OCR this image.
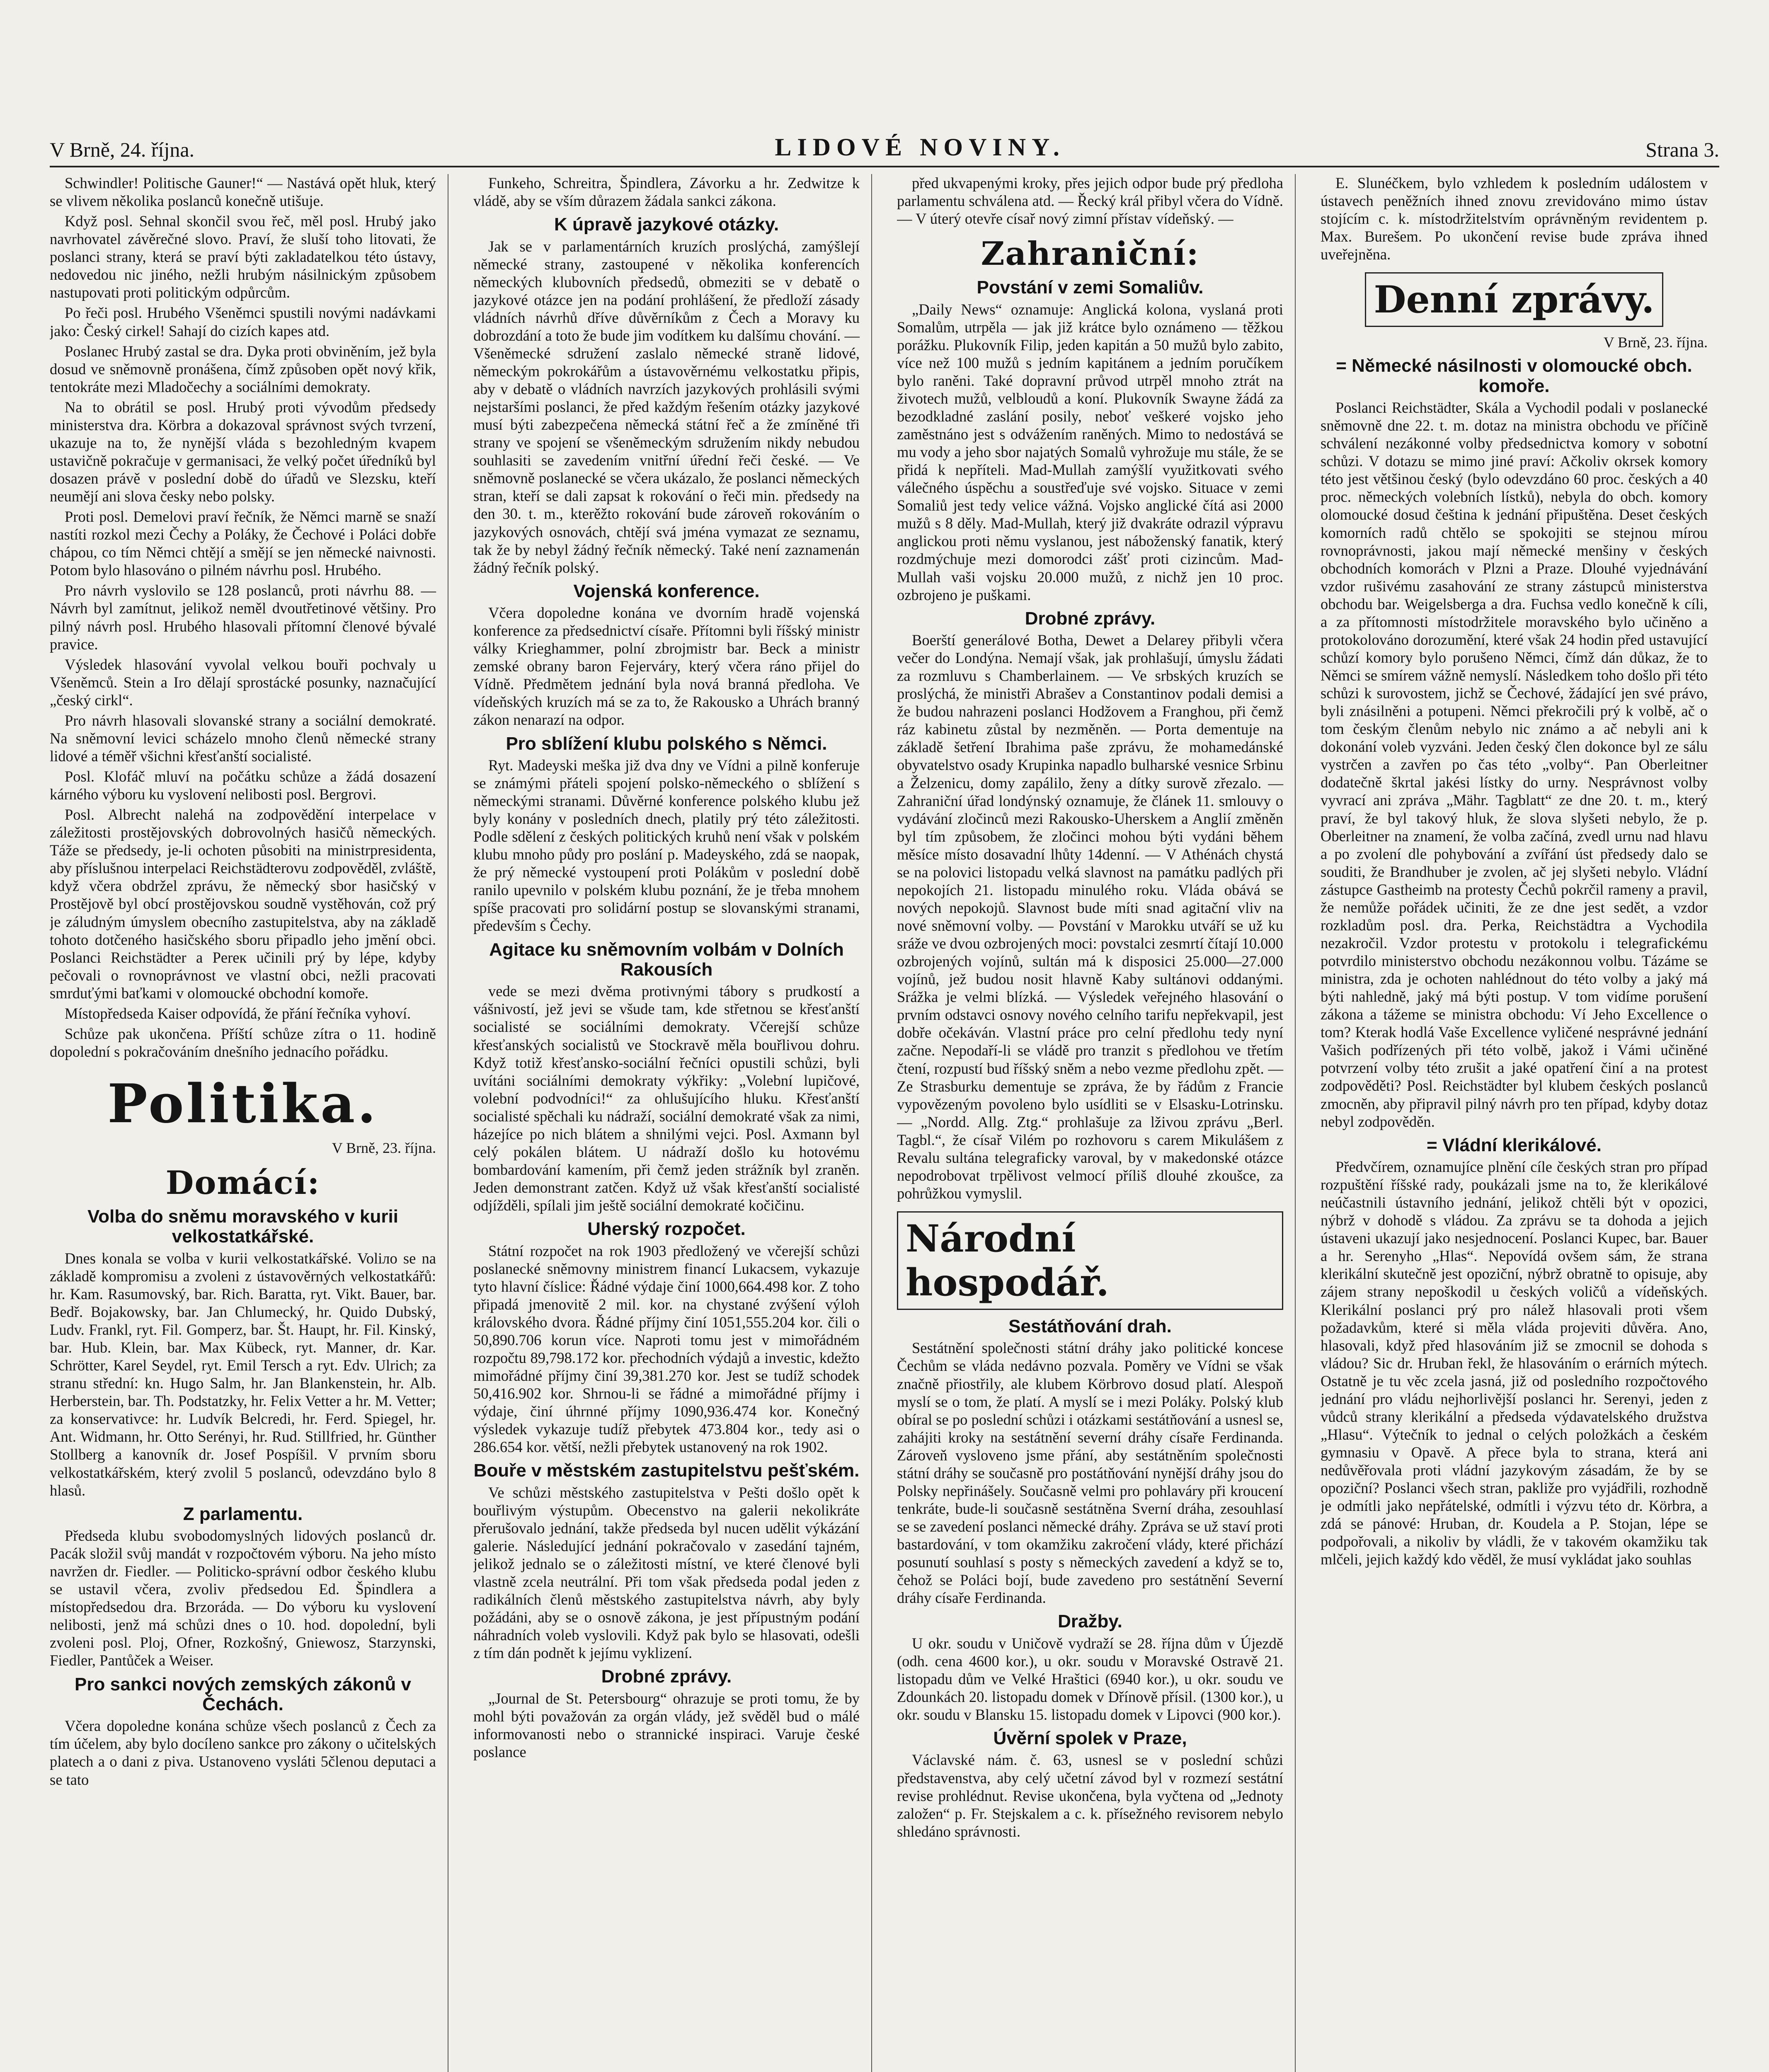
V Brně, 24. října.	LIDOVÉ NOVINY.	Strana 3.

Schwindler! Politische Gauner!“ — Nastává opět hluk, který se vlivem několika poslanců konečně utišuje.

Když posl. Sehnal skončil svou řeč, měl posl. Hrubý jako navrhovatel závěrečné slovo. Praví, že sluší toho litovati, že poslanci strany, která se praví býti zakladatelkou této ústavy, nedovedou nic jiného, nežli hrubým násilnickým způsobem nastupovati proti politickým odpůrcům.

Po řeči posl. Hrubého Všeněmci spustili novými nadávkami jako: Český cirkel! Sahají do cizích kapes atd.

Poslanec Hrubý zastal se dra. Dyka proti obviněním, jež byla dosud ve sněmovně pronášena, čímž způsoben opět nový křik, tentokráte mezi Mladočechy a sociálními demokraty.

Na to obrátil se posl. Hrubý proti vývodům předsedy ministerstva dra. Körbra a dokazoval správnost svých tvrzení, ukazuje na to, že nynější vláda s bezohledným kvapem ustavičně pokračuje v germanisaci, že velký počet úředníků byl dosazen právě v poslední době do úřadů ve Slezsku, kteří neumějí ani slova česky nebo polsky.

Proti posl. Demelovi praví řečník, že Němci marně se snaží nastíti rozkol mezi Čechy a Poláky, že Čechové i Poláci dobře chápou, co tím Němci chtějí a smějí se jen německé naivnosti. Potom bylo hlasováno o pilném návrhu posl. Hrubého.

Pro návrh vyslovilo se 128 poslanců, proti návrhu 88. — Návrh byl zamítnut, jelikož neměl dvoutřetinové většiny. Pro pilný návrh posl. Hrubého hlasovali přítomní členové bývalé pravice.

Výsledek hlasování vyvolal velkou bouři pochvaly u Všeněmců. Stein a Iro dělají sprostácké posunky, naznačující „český cirkl“.

Pro návrh hlasovali slovanské strany a sociální demokraté. Na sněmovní levici scházelo mnoho členů německé strany lidové a téměř všichni křesťanští socialisté.

Posl. Klofáč mluví na počátku schůze a žádá dosazení kárného výboru ku vyslovení nelibosti posl. Bergrovi.

Posl. Albrecht nalehá na zodpovědění interpelace v záležitosti prostějovských dobrovolných hasičů německých. Táže se předsedy, je-li ochoten působiti na ministrpresidenta, aby příslušnou interpelaci Reichstädterovu zodpověděl, zvláště, když včera obdržel zprávu, že německý sbor hasičský v Prostějově byl obcí prostějovskou soudně vystěhován, což prý je záludným úmyslem obecního zastupitelstva, aby na základě tohoto dotčeného hasičského sboru připadlo jeho jmění obci. Poslanci Reichstädter a Pereк učinili prý by lépe, kdyby pečovali o rovnoprávnost ve vlastní obci, nežli pracovati smrduťými baťkami v olomoucké obchodní komoře.

Místopředseda Kaiser odpovídá, že přání řečníka vyhoví.

Schůze pak ukončena. Příští schůze zítra o 11. hodině dopolední s pokračováním dnešního jednacího pořádku.

Politika.
V Brně, 23. října.
Domácí:
Volba do sněmu moravského v kurii velkostatkářské.

Dnes konala se volba v kurii velkostatkářské. Voliло se na základě kompromisu a zvoleni z ústavověrných velkostatkářů: hr. Kam. Rasumovský, bar. Rich. Baratta, ryt. Vikt. Bauer, bar. Bedř. Bojakowsky, bar. Jan Chlumecký, hr. Quido Dubský, Ludv. Frankl, ryt. Fil. Gomperz, bar. Št. Haupt, hr. Fil. Kinský, bar. Hub. Klein, bar. Max Kübeck, ryt. Manner, dr. Kar. Schrötter, Karel Seydel, ryt. Emil Tersch a ryt. Edv. Ulrich; za stranu střední: kn. Hugo Salm, hr. Jan Blankenstein, hr. Alb. Herberstein, bar. Th. Podstatzky, hr. Felix Vetter a hr. M. Vetter; za konservativce: hr. Ludvík Belcredi, hr. Ferd. Spiegel, hr. Ant. Widmann, hr. Otto Serényi, hr. Rud. Stillfried, hr. Günther Stollberg a kanovník dr. Josef Pospíšil. V prvním sboru velkostatkářském, který zvolil 5 poslanců, odevzdáno bylo 8 hlasů.

Z parlamentu.

Předseda klubu svobodomyslných lidových poslanců dr. Pacák složil svůj mandát v rozpočtovém výboru. Na jeho místo navržen dr. Fiedler. — Politicko-správní odbor českého klubu se ustavil včera, zvoliv předsedou Ed. Špindlera a místopředsedou dra. Brzoráda. — Do výboru ku vyslovení nelibosti, jenž má schůzi dnes o 10. hod. dopolední, byli zvoleni posl. Ploj, Ofner, Rozkošný, Gniewosz, Starzynski, Fiedler, Pantůček a Weiser.

Pro sankci nových zemských zákonů v Čechách.

Včera dopoledne konána schůze všech poslanců z Čech za tím účelem, aby bylo docíleno sankce pro zákony o učitelských platech a o dani z piva. Ustanoveno vysláti 5členou deputaci a se tato

Funkeho, Schreitra, Špindlera, Závorku a hr. Zedwitze k vládě, aby se vším důrazem žádala sankci zákona.

K úpravě jazykové otázky.

Jak se v parlamentárních kruzích proslýchá, zamýšlejí německé strany, zastoupené v několika konferencích německých klubovních předsedů, obmeziti se v debatě o jazykové otázce jen na podání prohlášení, že předloží zásady vládních návrhů dříve důvěrníkům z Čech a Moravy ku dobrozdání a toto že bude jim vodítkem ku dalšímu chování. — Všeněmecké sdružení zaslalo německé straně lidové, německým pokrokářům a ústavověrnému velkostatku připis, aby v debatě o vládních navrzích jazykových prohlásili svými nejstaršími poslanci, že před každým řešením otázky jazykové musí býti zabezpečena německá státní řeč a že zmíněné tři strany ve spojení se všeněmeckým sdružením nikdy nebudou souhlasiti se zavedením vnitřní úřední řeči české. — Ve sněmovně poslanecké se včera ukázalo, že poslanci německých stran, kteří se dali zapsat k rokování o řeči min. předsedy na den 30. t. m., kterěžto rokování bude zároveň rokováním o jazykových osnovách, chtějí svá jména vymazat ze seznamu, tak že by nebyl žádný řečník německý. Také není zaznamenán žádný řečník polský.

Vojenská konference.

Včera dopoledne konána ve dvorním hradě vojenská konference za předsednictví císaře. Přítomni byli říšský ministr války Krieghammer, polní zbrojmistr bar. Beck a ministr zemské obrany baron Fejerváry, který včera ráno přijel do Vídně. Předmětem jednání byla nová branná předloha. Ve vídeňských kruzích má se za to, že Rakousko a Uhrách branný zákon nenarazí na odpor.

Pro sblížení klubu polského s Němci.

Ryt. Madeyski meška již dva dny ve Vídni a pilně konferuje se známými přáteli spojení polsko-německého o sblížení s německými stranami. Důvěrné konference polského klubu jež byly konány v posledních dnech, platily prý této záležitosti. Podle sdělení z českých politických kruhů není však v polském klubu mnoho půdy pro poslání p. Madeyského, zdá se naopak, že prý německé vystoupení proti Polákům v poslední době ranilo upevnilo v polském klubu poznání, že je třeba mnohem spíše pracovati pro solidární postup se slovanskými stranami, především s Čechy.

Agitace ku sněmovním volbám v Dolních Rakousích

vede se mezi dvěma protivnými tábory s prudkostí a vášnivostí, jež jevi se všude tam, kde střetnou se křesťanští socialisté se sociálními demokraty. Včerejší schůze křesťanských socialistů ve Stockravě měla bouřlivou dohru. Když totiž křesťansko-sociální řečníci opustili schůzi, byli uvítáni sociálními demokraty výkřiky: „Volební lupičové, volební podvodníci!“ za ohlušujícího hluku. Křesťanští socialisté spěchali ku nádraží, sociální demokraté však za nimi, házejíce po nich blátem a shnilými vejci. Posl. Axmann byl celý pokálen blátem. U nádraží došlo ku hotovému bombardování kamením, při čemž jeden strážník byl zraněn. Jeden demonstrant zatčen. Když už však křesťanští socialisté odjížděli, spílali jim ještě sociální demokraté kočičinu.

Uherský rozpočet.

Státní rozpočet na rok 1903 předložený ve včerejší schůzi poslanecké sněmovny ministrem financí Lukacsem, vykazuje tyto hlavní číslice: Řádné výdaje činí 1000,664.498 kor. Z toho připadá jmenovitě 2 mil. kor. na chystané zvýšení výloh královského dvora. Řádné příjmy činí 1051,555.204 kor. čili o 50,890.706 korun více. Naproti tomu jest v mimořádném rozpočtu 89,798.172 kor. přechodních výdajů a investic, kdežto mimořádné příjmy činí 39,381.270 kor. Jest se tudíž schodek 50,416.902 kor. Shrnou-li se řádné a mimořádné příjmy i výdaje, činí úhrnné příjmy 1090,936.474 kor. Konečný výsledek vykazuje tudíž přebytek 473.804 kor., tedy asi o 286.654 kor. větší, nežli přebytek ustanovený na rok 1902.

Bouře v městském zastupitelstvu pešťském.

Ve schůzi městského zastupitelstva v Pešti došlo opět k bouřlivým výstupům. Obecenstvo na galerii nekolikráte přerušovalo jednání, takže předseda byl nucen udělit výkázání galerie. Následující jednání pokračovalo v zasedání tajném, jelikož jednalo se o záležitosti místní, ve které členové byli vlastně zcela neutrální. Při tom však předseda podal jeden z radikálních členů městského zastupitelstva návrh, aby byly požádáni, aby se o osnově zákona, je jest přípustným podání náhradních voleb vyslovili. Když pak bylo se hlasovati, odešli z tím dán podnět k jejímu vyklizení.

Drobné zprávy.

„Journal de St. Petersbourg“ ohrazuje se proti tomu, že by mohl býti považován za orgán vlády, jež svěděl bud o málé informovanosti nebo o strannické inspiraci. Varuje české poslance

před ukvapenými kroky, přes jejich odpor bude prý předloha parlamentu schválena atd. — Řecký král přibyl včera do Vídně. — V úterý otevře císař nový zimní přístav vídeňský. —

Zahraniční:
Povstání v zemi Somaliův.

„Daily News“ oznamuje: Anglická kolona, vyslaná proti Somalům, utrpěla — jak již krátce bylo oznámeno — těžkou porážku. Plukovník Filip, jeden kapitán a 50 mužů bylo zabito, více než 100 mužů s jedním kapitánem a jedním poručíkem bylo raněni. Také dopravní průvod utrpěl mnoho ztrát na životech mužů, velbloudů a koní. Plukovník Swayne žádá za bezodkladné zaslání posily, neboť veškeré vojsko jeho zaměstnáno jest s odvážením raněných. Mimo to nedostává se mu vody a jeho sbor najatých Somalů vyhrožuje mu stále, že se přidá k nepříteli. Mad-Mullah zamýšlí využitkovati svého válečného úspěchu a soustřeďuje své vojsko. Situace v zemi Somaliů jest tedy velice vážná. Vojsko anglické čítá asi 2000 mužů s 8 děly. Mad-Mullah, který již dvakráte odrazil výpravu anglickou proti němu vyslanou, jest náboženský fanatik, který rozdmýchuje mezi domorodci zášť proti cizincům. Mad-Mullah vaši vojsku 20.000 mužů, z nichž jen 10 proc. ozbrojeno je puškami.

Drobné zprávy.

Boerští generálové Botha, Dewet a Delarey přibyli včera večer do Londýna. Nemají však, jak prohlašují, úmyslu žádati za rozmluvu s Chamberlainem. — Ve srbských kruzích se proslýchá, že ministři Abrašev a Constantinov podali demisi a že budou nahrazeni poslanci Hodžovem a Franghou, při čemž ráz kabinetu zůstal by nezměněn. — Porta dementuje na základě šetření Ibrahima paše zprávu, že mohamedánské obyvatelstvo osady Krupinka napadlo bulharské vesnice Srbinu a Želzenicu, domy zapálilo, ženy a dítky surově zřezalo. — Zahraniční úřad londýnský oznamuje, že článek 11. smlouvy o vydávání zločinců mezi Rakousko-Uherskem a Anglií změněn byl tím způsobem, že zločinci mohou býti vydáni během měsíce místo dosavadní lhůty 14denní. — V Athénách chystá se na polovici listopadu velká slavnost na památku padlých při nepokojích 21. listopadu minulého roku. Vláda obává se nových nepokojů. Slavnost bude míti snad agitační vliv na nové sněmovní volby. — Povstání v Marokku utváří se už ku sráže ve dvou ozbrojených moci: povstalci zesmrtí čítají 10.000 ozbrojených vojínů, sultán má k disposici 25.000—27.000 vojínů, jež budou nosit hlavně Kaby sultánovi oddanými. Srážka je velmi blízká. — Výsledek veřejného hlasování o prvním odstavci osnovy nového celního tarifu nepřekvapil, jest dobře očekáván. Vlastní práce pro celní předlohu tedy nyní začne. Nepodaří-li se vládě pro tranzit s předlohou ve třetím čtení, rozpustí bud říšský sněm a nebo vezme předlohu zpět. — Ze Strasburku dementuje se zpráva, že by řádům z Francie vypovězeným povoleno bylo usídliti se v Elsasku-Lotrinsku. — „Nordd. Allg. Ztg.“ prohlašuje za lživou zprávu „Berl. Tagbl.“, že císař Vilém po rozhovoru s carem Mikulášem z Revalu sultána telegraficky varoval, by v makedonské otázce nepodrobovat trpělivost velmocí příliš dlouhé zkoušce, za pohrůžkou vymyslil.

Národní hospodář.
Sestátňování drah.

Sestátnění společnosti státní dráhy jako politické koncese Čechům se vláda nedávno pozvala. Poměry ve Vídni se však značně přiostřily, ale klubem Körbrovo dosud platí. Alespoň myslí se o tom, že platí. A myslí se i mezi Poláky. Polský klub obíral se po poslední schůzi i otázkami sestátňování a usnesl se, zahájiti kroky na sestátnění severní dráhy císaře Ferdinanda. Zároveň vysloveno jsme přání, aby sestátněním společnosti státní dráhy se současně pro postátňování nynější dráhy jsou do Polsky nepřinášely. Současně velmi pro pohlaváry při kroucení tenkráte, bude-li současně sestátněna Sverní dráha, zesouhlasí se se zavedení poslanci německé dráhy. Zpráva se už staví proti bastardování, v tom okamžiku zakročení vlády, které přichází posunutí souhlasí s posty s německých zavedení a když se to, čehož se Poláci bojí, bude zavedeno pro sestátnění Severní dráhy císaře Ferdinanda.

Dražby.

U okr. soudu v Uničově vydraží se 28. října dům v Újezdě (odh. cena 4600 kor.), u okr. soudu v Moravské Ostravě 21. listopadu dům ve Velké Hraštici (6940 kor.), u okr. soudu ve Zdounkách 20. listopadu domek v Dřínově přísil. (1300 kor.), u okr. soudu v Blansku 15. listopadu domek v Lipovci (900 kor.).

Úvěrní spolek v Praze,

Václavské nám. č. 63, usnesl se v poslední schůzi představenstva, aby celý učetní závod byl v rozmezí sestátní revise prohlédnut. Revise ukončena, byla vyčtena od „Jednoty založen“ p. Fr. Stejskalem a c. k. přísežného revisorem nebylo shledáno správnosti.

E. Slunéčkem, bylo vzhledem k posledním událostem v ústavech peněžních ihned znovu zrevidováno mimo ústav stojícím c. k. místodržitelstvím oprávněným revidentem p. Max. Burešem. Po ukončení revise bude zpráva ihned uveřejněna.

Denní zprávy.
V Brně, 23. října.
= Německé násilnosti v olomoucké obch. komoře.

Poslanci Reichstädter, Skála a Vychodil podali v poslanecké sněmovně dne 22. t. m. dotaz na ministra obchodu ve příčině schválení nezákonné volby předsednictva komory v sobotní schůzi. V dotazu se mimo jiné praví: Ačkoliv okrsek komory této jest většinou český (bylo odevzdáno 60 proc. českých a 40 proc. německých volebních lístků), nebyla do obch. komory olomoucké dosud čeština k jednání připuštěna. Deset českých komorních radů chtělo se spokojiti se stejnou mírou rovnoprávnosti, jakou mají německé menšiny v českých obchodních komorách v Plzni a Praze. Dlouhé vyjednávání vzdor rušivému zasahování ze strany zástupců ministerstva obchodu bar. Weigelsberga a dra. Fuchsa vedlo konečně k cíli, a za přítomnosti místodržitele moravského bylo učiněno a protokolováno dorozumění, které však 24 hodin před ustavující schůzí komory bylo porušeno Němci, čímž dán důkaz, že to Němci se smírem vážně nemyslí. Následkem toho došlo při této schůzi k surovostem, jichž se Čechové, žádající jen své právo, byli znásilněni a potupeni. Němci překročili prý k volbě, ač o tom českým členům nebylo nic známo a ač nebyli ani k dokonání voleb vyzváni. Jeden český člen dokonce byl ze sálu vystrčen a zavřen po čas této „volby“. Pan Oberleitner dodatečně škrtal jakési lístky do urny. Nesprávnost volby vyvrací ani zpráva „Mähr. Tagblatt“ ze dne 20. t. m., který praví, že byl takový hluk, že slova slyšeti nebylo, že p. Oberleitner na znamení, že volba začíná, zvedl urnu nad hlavu a po zvolení dle pohybování a zvířání úst předsedy dalo se souditi, že Brandhuber je zvolen, ač jej slyšeti nebylo. Vládní zástupce Gastheimb na protesty Čechů pokrčil rameny a pravil, že nemůže pořádek učiniti, že ze dne jest sedět, a vzdor rozkladům posl. dra. Perka, Reichstädtra a Vychodila nezakročil. Vzdor protestu v protokolu i telegrafickému potvrdilo ministerstvo obchodu nezákonnou volbu. Tázáme se ministra, zda je ochoten nahlédnout do této volby a jaký má býti nahledně, jaký má býti postup. V tom vidíme porušení zákona a tážeme se ministra obchodu: Ví Jeho Excellence o tom? Kterak hodlá Vaše Excellence vyličené nesprávné jednání Vašich podřízených při této volbě, jakož i Vámi učiněné potvrzení volby této zrušit a jaké opatření činí a na protest zodpověděti? Posl. Reichstädter byl klubem českých poslanců zmocněn, aby připravil pilný návrh pro ten případ, kdyby dotaz nebyl zodpověděn.

= Vládní klerikálové.

Předvčírem, oznamujíce plnění cíle českých stran pro případ rozpuštění říšské rady, poukázali jsme na to, že klerikálové neúčastnili ústavního jednání, jelikož chtěli být v opozici, nýbrž v dohodě s vládou. Za zprávu se ta dohoda a jejich ústaveni ukazují jako nesjednocení. Poslanci Kupec, bar. Bauer a hr. Serenyho „Hlas“. Nepovídá ovšem sám, že strana klerikální skutečně jest opoziční, nýbrž obratně to opisuje, aby zájem strany nepoškodil u českých voličů a vídeňských. Klerikální poslanci prý pro nálež hlasovali proti všem požadavkům, které si měla vláda projeviti důvěra. Ano, hlasovali, když před hlasováním již se zmocnil se dohoda s vládou? Sic dr. Hruban řekl, že hlasováním o erárních mýtech. Ostatně je tu věc zcela jasná, již od posledního rozpočtového jednání pro vládu nejhorlivější poslanci hr. Serenyi, jeden z vůdců strany klerikální a předseda výdavatelského družstva „Hlasu“. Výtečník to jednal o celých položkách a českém gymnasiu v Opavě. A přece byla to strana, která ani nedůvěřovala proti vládní jazykovým zásadám, že by se opoziční? Poslanci všech stran, pakliže pro vyjádřili, rozhodně je odmítli jako nepřátelské, odmítli i výzvu této dr. Körbra, a zdá se pánové: Hruban, dr. Koudela a P. Stojan, lépe se podpořovali, a nikoliv by vládli, že v takovém okamžiku tak mlčeli, jejich každý kdo věděl, že musí vykládat jako souhlas
